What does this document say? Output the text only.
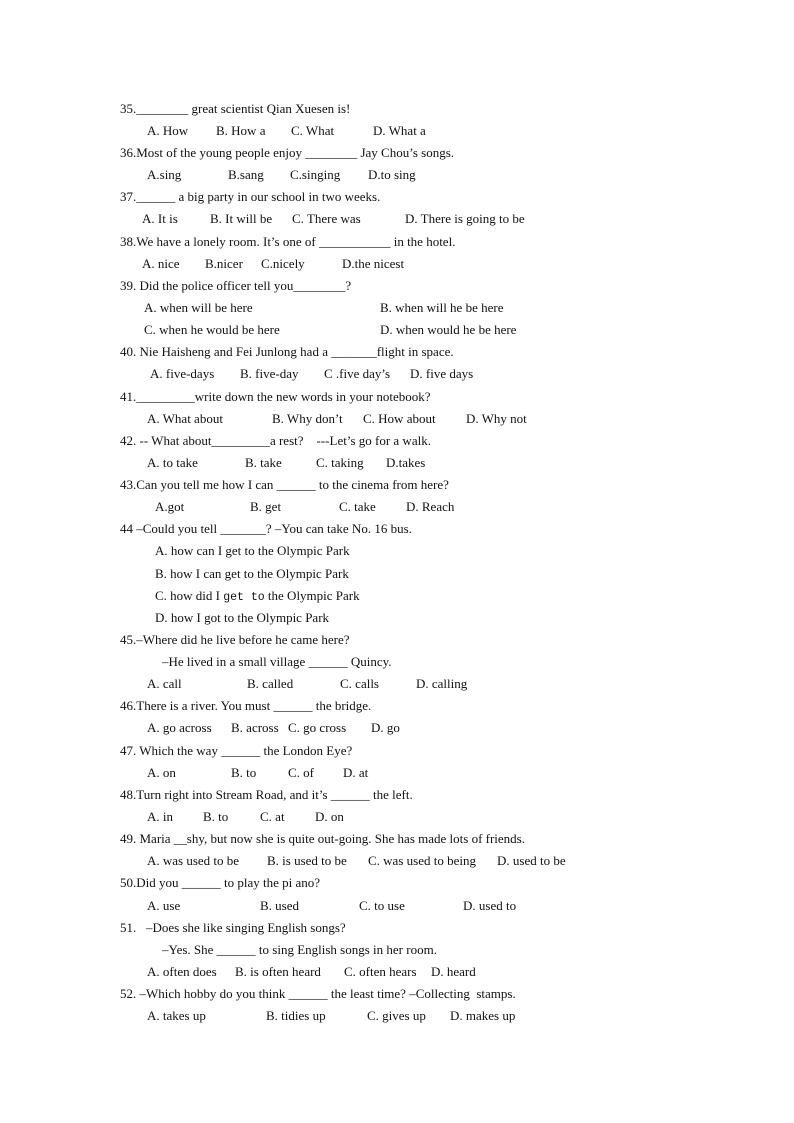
35.________ great scientist Qian Xuesen is!
A. How B. How a C. What	D. What a
36.Most of the young people enjoy ________ Jay Chou’s songs.
A.sing	B.sang C.singing D.to sing
37.______ a big party in our school in two weeks.
A. It is B. It will be C. There was	D. There is going to be
38.We have a lonely room. It’s one of ___________ in the hotel.
A. nice B.nicer C.nicely	D.the nicest
39. Did the police officer tell you________?
A. when will be here	B. when will he be here
C. when he would be here	D. when would he be here
40. Nie Haisheng and Fei Junlong had a _______flight in space.
A. five-days B. five-day C .five day’s D. five days
41._________write down the new words in your notebook?
A. What about	B. Why don’t C. How about D. Why not
42. -- What about_________a rest?    ---Let’s go for a walk.
A. to take	B. take	C. taking D.takes
43.Can you tell me how I can ______ to the cinema from here?
A.got	B. get	C. take D. Reach
44 –Could you tell _______? –You can take No. 16 bus.
A. how can I get to the Olympic Park
B. how I can get to the Olympic Park
C. how did I get to the Olympic Park
D. how I got to the Olympic Park
45.–Where did he live before he came here?
–He lived in a small village ______ Quincy.
A. call	B. called	C. calls	D. calling
46.There is a river. You must ______ the bridge.
A. go across B. across C. go cross D. go
47. Which the way ______ the London Eye?
A. on	B. to C. of D. at
48.Turn right into Stream Road, and it’s ______ the left.
A. in B. to C. at D. on
49. Maria __shy, but now she is quite out-going. She has made lots of friends.
A. was used to be B. is used to be C. was used to being D. used to be
50.Did you ______ to play the pi ano?
A. use	B. used	C. to use	D. used to
51.   –Does she like singing English songs?
–Yes. She ______ to sing English songs in her room.
A. often does B. is often heard C. often hears D. heard
52. –Which hobby do you think ______ the least time? –Collecting  stamps.
A. takes up	B. tidies up	C. gives up D. makes up
